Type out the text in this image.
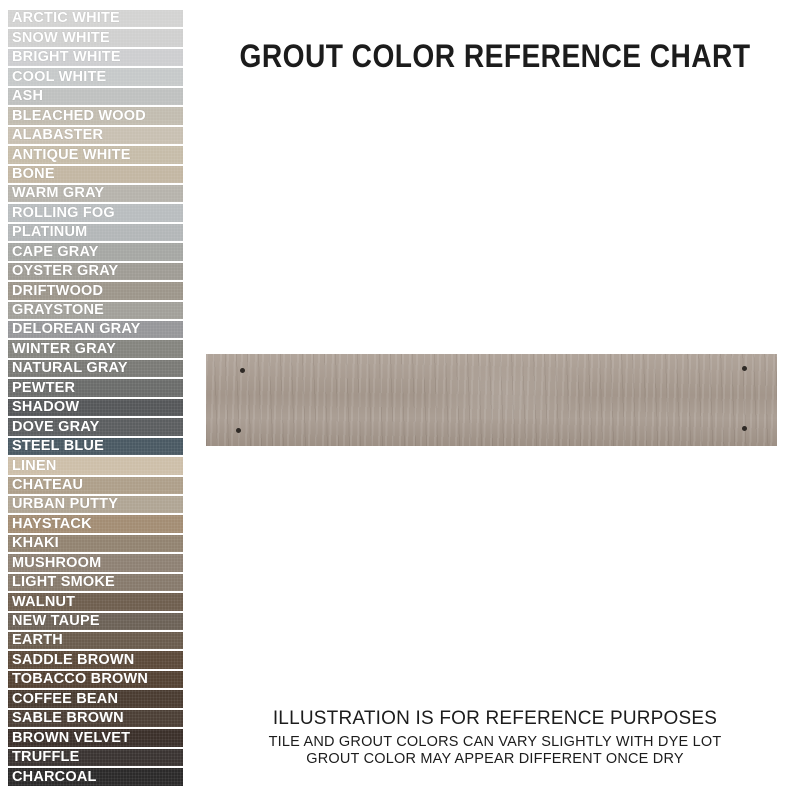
ARCTIC WHITE
SNOW WHITE
BRIGHT WHITE
COOL WHITE
ASH
BLEACHED WOOD
ALABASTER
ANTIQUE WHITE
BONE
WARM GRAY
ROLLING FOG
PLATINUM
CAPE GRAY
OYSTER GRAY
DRIFTWOOD
GRAYSTONE
DELOREAN GRAY
WINTER GRAY
NATURAL GRAY
PEWTER
SHADOW
DOVE GRAY
STEEL BLUE
LINEN
CHATEAU
URBAN PUTTY
HAYSTACK
KHAKI
MUSHROOM
LIGHT SMOKE
WALNUT
NEW TAUPE
EARTH
SADDLE BROWN
TOBACCO BROWN
COFFEE BEAN
SABLE BROWN
BROWN VELVET
TRUFFLE
CHARCOAL
GROUT COLOR REFERENCE CHART
ILLUSTRATION IS FOR REFERENCE PURPOSES
TILE AND GROUT COLORS CAN VARY SLIGHTLY WITH DYE LOT
GROUT COLOR MAY APPEAR DIFFERENT ONCE DRY
